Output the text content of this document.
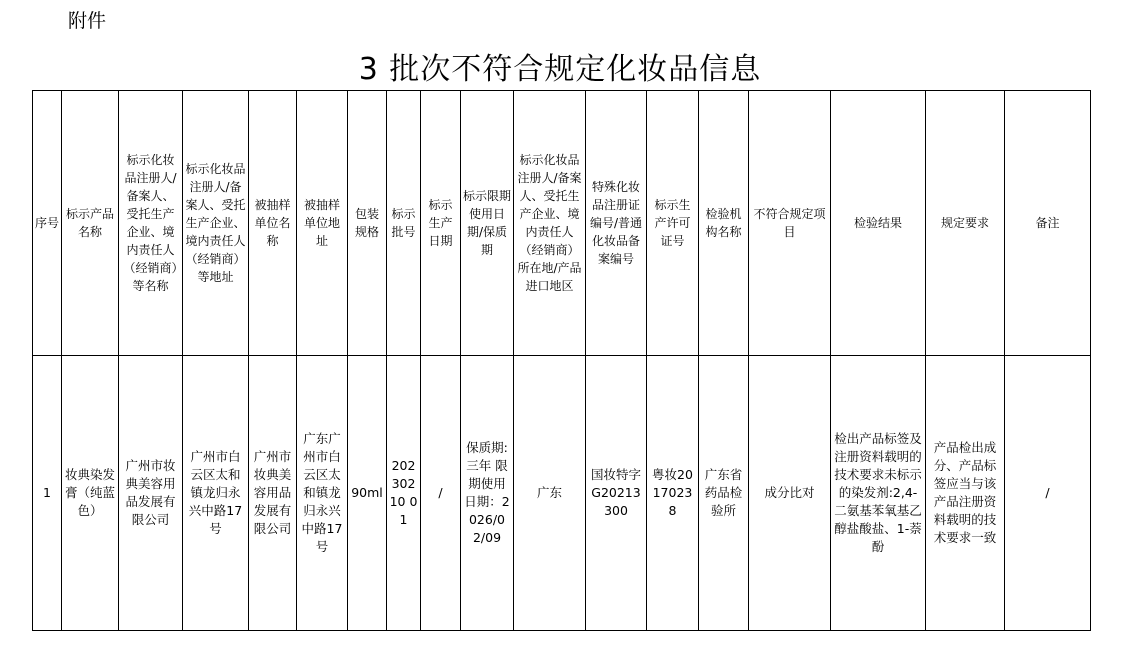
附件
3 批次不符合规定化妆品信息
序号	标示产品名称	标示化妆品注册人/备案人、受托生产企业、境内责任人（经销商）等名称	标示化妆品注册人/备案人、受托生产企业、境内责任人（经销商）等地址	被抽样单位名称	被抽样单位地址	包装规格	标示批号	标示生产日期	标示限期使用日期/保质期	标示化妆品注册人/备案人、受托生产企业、境内责任人（经销商）所在地/产品进口地区	特殊化妆品注册证编号/普通化妆品备案编号	标示生产许可证号	检验机构名称	不符合规定项目	检验结果	规定要求	备注
1	妆典染发膏（纯蓝色）	广州市妆典美容用品发展有限公司	广州市白云区太和镇龙归永兴中路17号	广州市妆典美容用品发展有限公司	广东广州市白云区太和镇龙归永兴中路17号	90ml	20230210 01	/	保质期:三年 限期使用日期：2026/02/09	广东	国妆特字G20213300	粤妆20170238	广东省药品检验所	成分比对	检出产品标签及注册资料载明的技术要求未标示的染发剂:2,4-二氨基苯氧基乙醇盐酸盐、1-萘酚	产品检出成分、产品标签应当与该产品注册资料载明的技术要求一致	/
